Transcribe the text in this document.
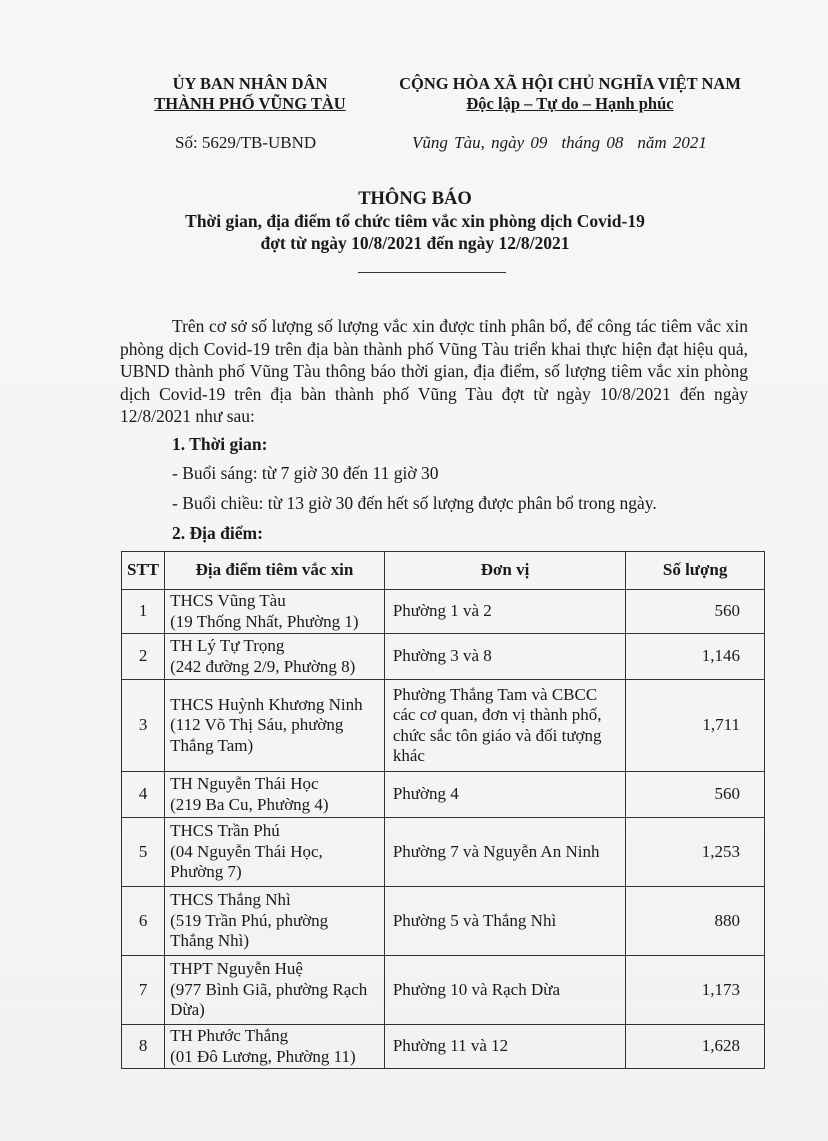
ỦY BAN NHÂN DÂN
THÀNH PHỐ VŨNG TÀU
CỘNG HÒA XÃ HỘI CHỦ NGHĨA VIỆT NAM
Độc lập – Tự do – Hạnh phúc
Số: 5629/TB-UBND	Vũng Tàu, ngày 09 tháng 08 năm 2021
THÔNG BÁO
Thời gian, địa điểm tổ chức tiêm vắc xin phòng dịch Covid-19
đợt từ ngày 10/8/2021 đến ngày 12/8/2021
Trên cơ sở số lượng số lượng vắc xin được tỉnh phân bổ, để công tác tiêm vắc xin phòng dịch Covid-19 trên địa bàn thành phố Vũng Tàu triển khai thực hiện đạt hiệu quả, UBND thành phố Vũng Tàu thông báo thời gian, địa điểm, số lượng tiêm vắc xin phòng dịch Covid-19 trên địa bàn thành phố Vũng Tàu đợt từ ngày 10/8/2021 đến ngày 12/8/2021 như sau:
1. Thời gian:
- Buổi sáng: từ 7 giờ 30 đến 11 giờ 30
- Buổi chiều: từ 13 giờ 30 đến hết số lượng được phân bổ trong ngày.
2. Địa điểm:
STT	Địa điểm tiêm vắc xin	Đơn vị	Số lượng
1	THCS Vũng Tàu
(19 Thống Nhất, Phường 1)	Phường 1 và 2	560
2	TH Lý Tự Trọng
(242 đường 2/9, Phường 8)	Phường 3 và 8	1,146
3	THCS Huỳnh Khương Ninh
(112 Võ Thị Sáu, phường
Thắng Tam)	Phường Thắng Tam và CBCC các cơ quan, đơn vị thành phố, chức sắc tôn giáo và đối tượng khác	1,711
4	TH Nguyễn Thái Học
(219 Ba Cu, Phường 4)	Phường 4	560
5	THCS Trần Phú
(04 Nguyễn Thái Học,
Phường 7)	Phường 7 và Nguyễn An Ninh	1,253
6	THCS Thắng Nhì
(519 Trần Phú, phường
Thắng Nhì)	Phường 5 và Thắng Nhì	880
7	THPT Nguyễn Huệ
(977 Bình Giã, phường Rạch
Dừa)	Phường 10 và Rạch Dừa	1,173
8	TH Phước Thắng
(01 Đô Lương, Phường 11)	Phường 11 và 12	1,628
